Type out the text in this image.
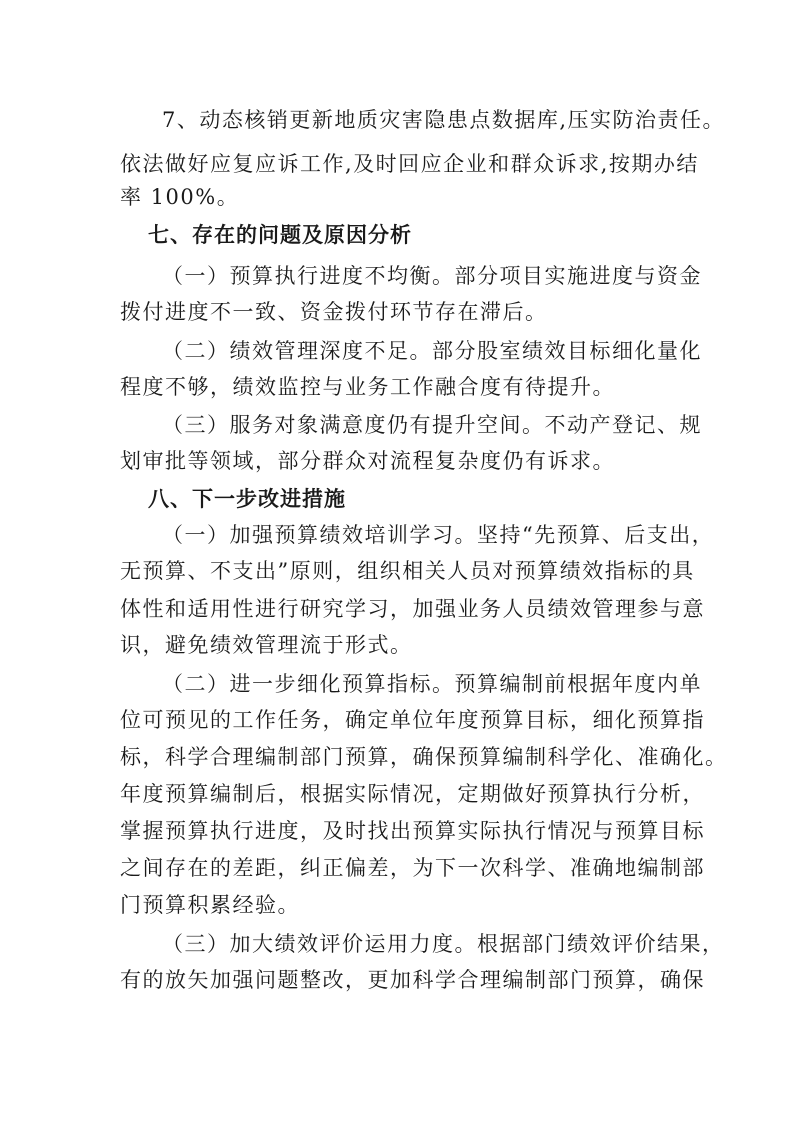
7、动态核销更新地质灾害隐患点数据库,压实防治责任。
依法做好应复应诉工作,及时回应企业和群众诉求,按期办结
率 100%。
七、存在的问题及原因分析
（一）预算执行进度不均衡。部分项目实施进度与资金
拨付进度不一致、资金拨付环节存在滞后。
（二）绩效管理深度不足。部分股室绩效目标细化量化
程度不够，绩效监控与业务工作融合度有待提升。
（三）服务对象满意度仍有提升空间。不动产登记、规
划审批等领域，部分群众对流程复杂度仍有诉求。
八、下一步改进措施
（一）加强预算绩效培训学习。坚持“先预算、后支出，
无预算、不支出”原则，组织相关人员对预算绩效指标的具
体性和适用性进行研究学习，加强业务人员绩效管理参与意
识，避免绩效管理流于形式。
（二）进一步细化预算指标。预算编制前根据年度内单
位可预见的工作任务，确定单位年度预算目标，细化预算指
标，科学合理编制部门预算，确保预算编制科学化、准确化。
年度预算编制后，根据实际情况，定期做好预算执行分析，
掌握预算执行进度，及时找出预算实际执行情况与预算目标
之间存在的差距，纠正偏差，为下一次科学、准确地编制部
门预算积累经验。
（三）加大绩效评价运用力度。根据部门绩效评价结果，
有的放矢加强问题整改，更加科学合理编制部门预算，确保
